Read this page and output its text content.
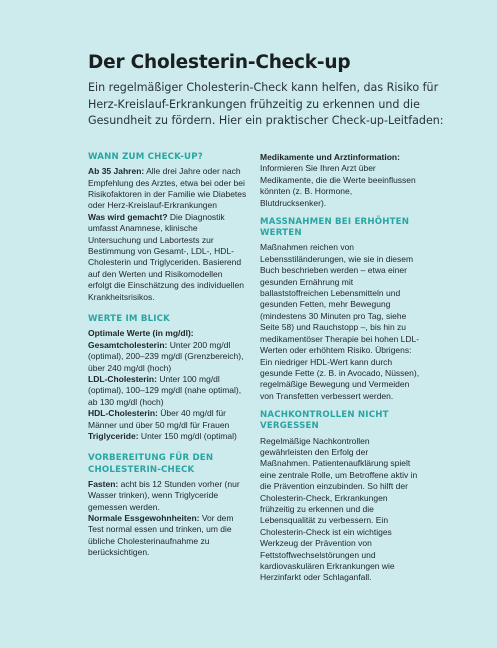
Der Cholesterin-Check-up

Ein regelmäßiger Cholesterin-Check kann helfen, das Risiko für Herz-Kreislauf-Erkrankungen frühzeitig zu erkennen und die Gesundheit zu fördern. Hier ein praktischer Check-up-Leitfaden:

WANN ZUM CHECK-UP?

Ab 35 Jahren: Alle drei Jahre oder nach Empfehlung des Arztes, etwa bei oder bei Risikofaktoren in der Familie wie Diabetes oder Herz-Kreislauf-Erkrankungen

Was wird gemacht? Die Diagnostik umfasst Anamnese, klinische Untersuchung und Labortests zur Bestimmung von Gesamt-, LDL-, HDL-Cholesterin und Triglyceriden. Basierend auf den Werten und Risikomodellen erfolgt die Einschätzung des individuellen Krankheitsrisikos.

WERTE IM BLICK

Optimale Werte (in mg/dl):

Gesamtcholesterin: Unter 200 mg/dl (optimal), 200–239 mg/dl (Grenzbereich), über 240 mg/dl (hoch)

LDL-Cholesterin: Unter 100 mg/dl (optimal), 100–129 mg/dl (nahe optimal), ab 130 mg/dl (hoch)

HDL-Cholesterin: Über 40 mg/dl für Männer und über 50 mg/dl für Frauen

Triglyceride: Unter 150 mg/dl (optimal)

VORBEREITUNG FÜR DEN CHOLESTERIN-CHECK

Fasten: acht bis 12 Stunden vorher (nur Wasser trinken), wenn Triglyceride gemessen werden.

Normale Essgewohnheiten: Vor dem Test normal essen und trinken, um die übliche Cholesterinaufnahme zu berücksichtigen.

Medikamente und Arztinformation: Informieren Sie Ihren Arzt über Medikamente, die die Werte beeinflussen könnten (z. B. Hormone, Blutdrucksenker).

MASSNAHMEN BEI ERHÖHTEN WERTEN

Maßnahmen reichen von Lebensstiländerungen, wie sie in diesem Buch beschrieben werden – etwa einer gesunden Ernährung mit ballaststoffreichen Lebensmitteln und gesunden Fetten, mehr Bewegung (mindestens 30 Minuten pro Tag, siehe Seite 58) und Rauchstopp –, bis hin zu medikamentöser Therapie bei hohen LDL-Werten oder erhöhtem Risiko. Übrigens: Ein niedriger HDL-Wert kann durch gesunde Fette (z. B. in Avocado, Nüssen), regelmäßige Bewegung und Vermeiden von Transfetten verbessert werden.

NACHKONTROLLEN NICHT VERGESSEN

Regelmäßige Nachkontrollen gewährleisten den Erfolg der Maßnahmen. Patientenaufklärung spielt eine zentrale Rolle, um Betroffene aktiv in die Prävention einzubinden. So hilft der Cholesterin-Check, Erkrankungen frühzeitig zu erkennen und die Lebensqualität zu verbessern. Ein Cholesterin-Check ist ein wichtiges Werkzeug der Prävention von Fettstoffwechselstörungen und kardiovaskulären Erkrankungen wie Herzinfarkt oder Schlaganfall.
